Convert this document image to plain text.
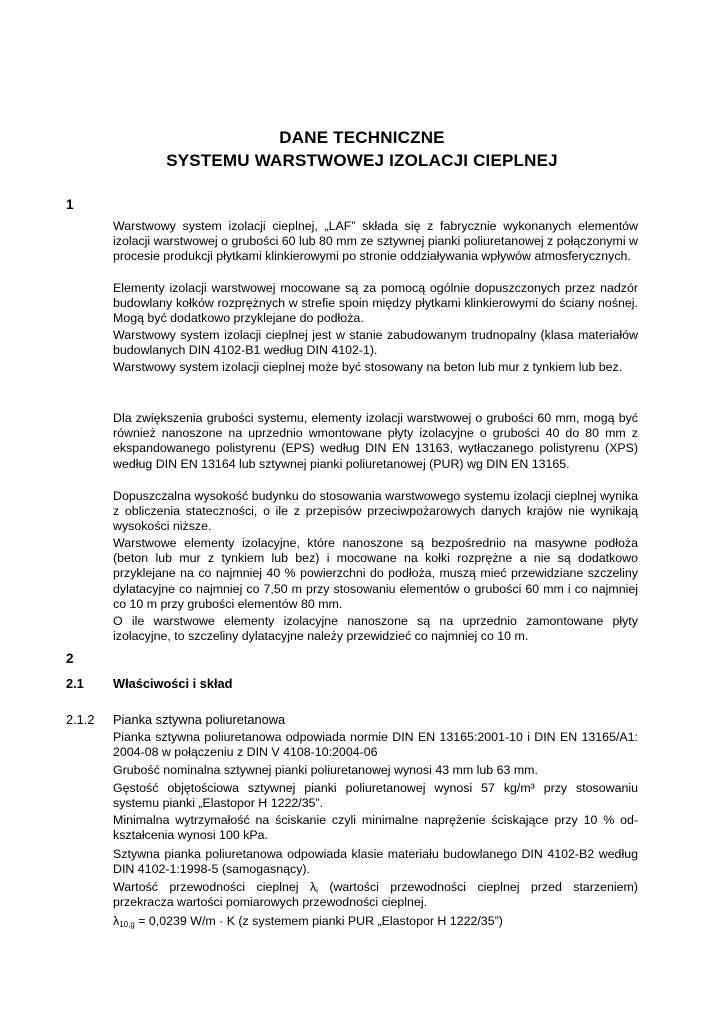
DANE TECHNICZNE
SYSTEMU WARSTWOWEJ IZOLACJI CIEPLNEJ
1
Warstwowy system izolacji cieplnej, „LAF” składa się z fabrycznie wykonanych elementów izolacji warstwowej o grubości 60 lub 80 mm ze sztywnej pianki poliuretanowej z połączonymi w procesie produkcji płytkami klinkierowymi po stronie oddziaływania wpływów atmosferycznych.
Elementy izolacji warstwowej mocowane są za pomocą ogólnie dopuszczonych przez nadzór budowlany kołków rozprężnych w strefie spoin między płytkami klinkierowymi do ściany nośnej. Mogą być dodatkowo przyklejane do podłoża.
Warstwowy system izolacji cieplnej jest w stanie zabudowanym trudnopalny (klasa materiałów budowlanych DIN 4102-B1 według DIN 4102-1).
Warstwowy system izolacji cieplnej może być stosowany na beton lub mur z tynkiem lub bez.
Dla zwiększenia grubości systemu, elementy izolacji warstwowej o grubości 60 mm, mogą być również nanoszone na uprzednio wmontowane płyty izolacyjne o grubości 40 do 80 mm z ekspandowanego polistyrenu (EPS) według DIN EN 13163, wytłaczanego polistyrenu (XPS) według DIN EN 13164 lub sztywnej pianki poliuretanowej (PUR) wg DIN EN 13165.
Dopuszczalna wysokość budynku do stosowania warstwowego systemu izolacji cieplnej wynika z obliczenia stateczności, o ile z przepisów przeciwpożarowych danych krajów nie wynikają wysokości niższe.
Warstwowe elementy izolacyjne, które nanoszone są bezpośrednio na masywne podłoża (beton lub mur z tynkiem lub bez) i mocowane na kołki rozprężne a nie są dodatkowo przyklejane na co najmniej 40 % powierzchni do podłoża, muszą mieć przewidziane szczeliny dylatacyjne co najmniej co 7,50 m przy stosowaniu elementów o grubości 60 mm i co najmniej co 10 m przy grubości elementów 80 mm.
O ile warstwowe elementy izolacyjne nanoszone są na uprzednio zamontowane płyty izolacyjne, to szczeliny dylatacyjne należy przewidzieć co najmniej co 10 m.
2
2.1 Właściwości i skład
2.1.2 Pianka sztywna poliuretanowa
Pianka sztywna poliuretanowa odpowiada normie DIN EN 13165:2001-10 i DIN EN 13165/A1: 2004-08 w połączeniu z DIN V 4108-10:2004-06
Grubość nominalna sztywnej pianki poliuretanowej wynosi 43 mm lub 63 mm.
Gęstość objętościowa sztywnej pianki poliuretanowej wynosi 57 kg/m³ przy stosowaniu systemu pianki „Elastopor H 1222/35”.
Minimalna wytrzymałość na ściskanie czyli minimalne naprężenie ściskające przy 10 % od-kształcenia wynosi 100 kPa.
Sztywna pianka poliuretanowa odpowiada klasie materiału budowlanego DIN 4102-B2 według DIN 4102-1:1998-5 (samogasnący).
Wartość przewodności cieplnej $\lambda_i$ (wartości przewodności cieplnej przed starzeniem) przekracza wartości pomiarowych przewodności cieplnej.
$\lambda_{10,g} = 0,0239$ W/m · K (z systemem pianki PUR „Elastopor H 1222/35”)
